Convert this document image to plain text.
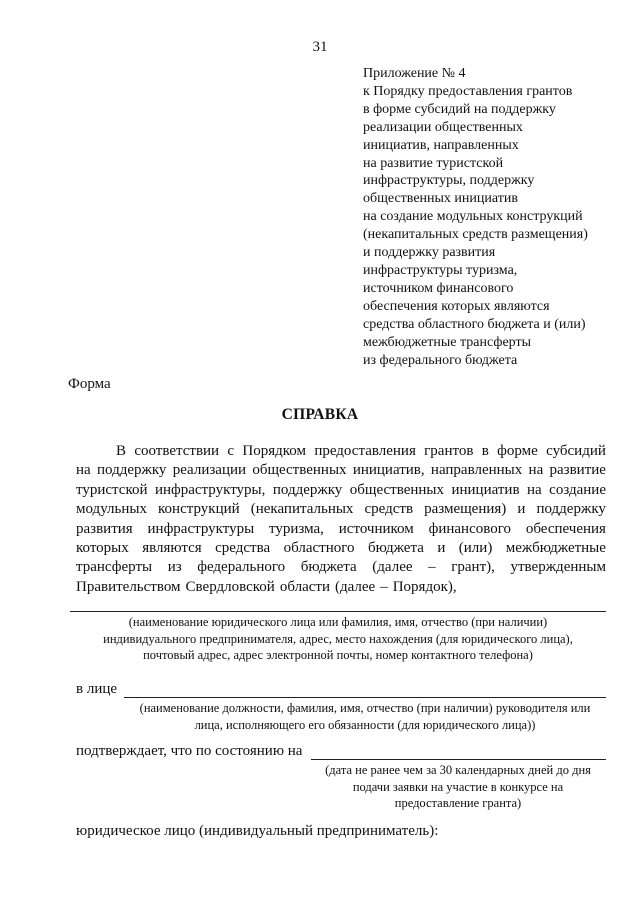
31
Приложение № 4
к Порядку предоставления грантов
в форме субсидий на поддержку
реализации общественных
инициатив, направленных
на развитие туристской
инфраструктуры, поддержку
общественных инициатив
на создание модульных конструкций
(некапитальных средств размещения)
и поддержку развития
инфраструктуры туризма,
источником финансового
обеспечения которых являются
средства областного бюджета и (или)
межбюджетные трансферты
из федерального бюджета
Форма
СПРАВКА
В соответствии с Порядком предоставления грантов в форме субсидий
на поддержку реализации общественных инициатив, направленных на развитие
туристской инфраструктуры, поддержку общественных инициатив на создание
модульных конструкций (некапитальных средств размещения) и поддержку
развития инфраструктуры туризма, источником финансового обеспечения
которых являются средства областного бюджета и (или) межбюджетные
трансферты из федерального бюджета (далее – грант), утвержденным
Правительством Свердловской области (далее – Порядок),
(наименование юридического лица или фамилия, имя, отчество (при наличии)
индивидуального предпринимателя, адрес, место нахождения (для юридического лица),
почтовый адрес, адрес электронной почты, номер контактного телефона)
в лице
(наименование должности, фамилия, имя, отчество (при наличии) руководителя или
лица, исполняющего его обязанности (для юридического лица))
подтверждает, что по состоянию на
(дата не ранее чем за 30 календарных дней до дня
подачи заявки на участие в конкурсе на
предоставление гранта)
юридическое лицо (индивидуальный предприниматель):
